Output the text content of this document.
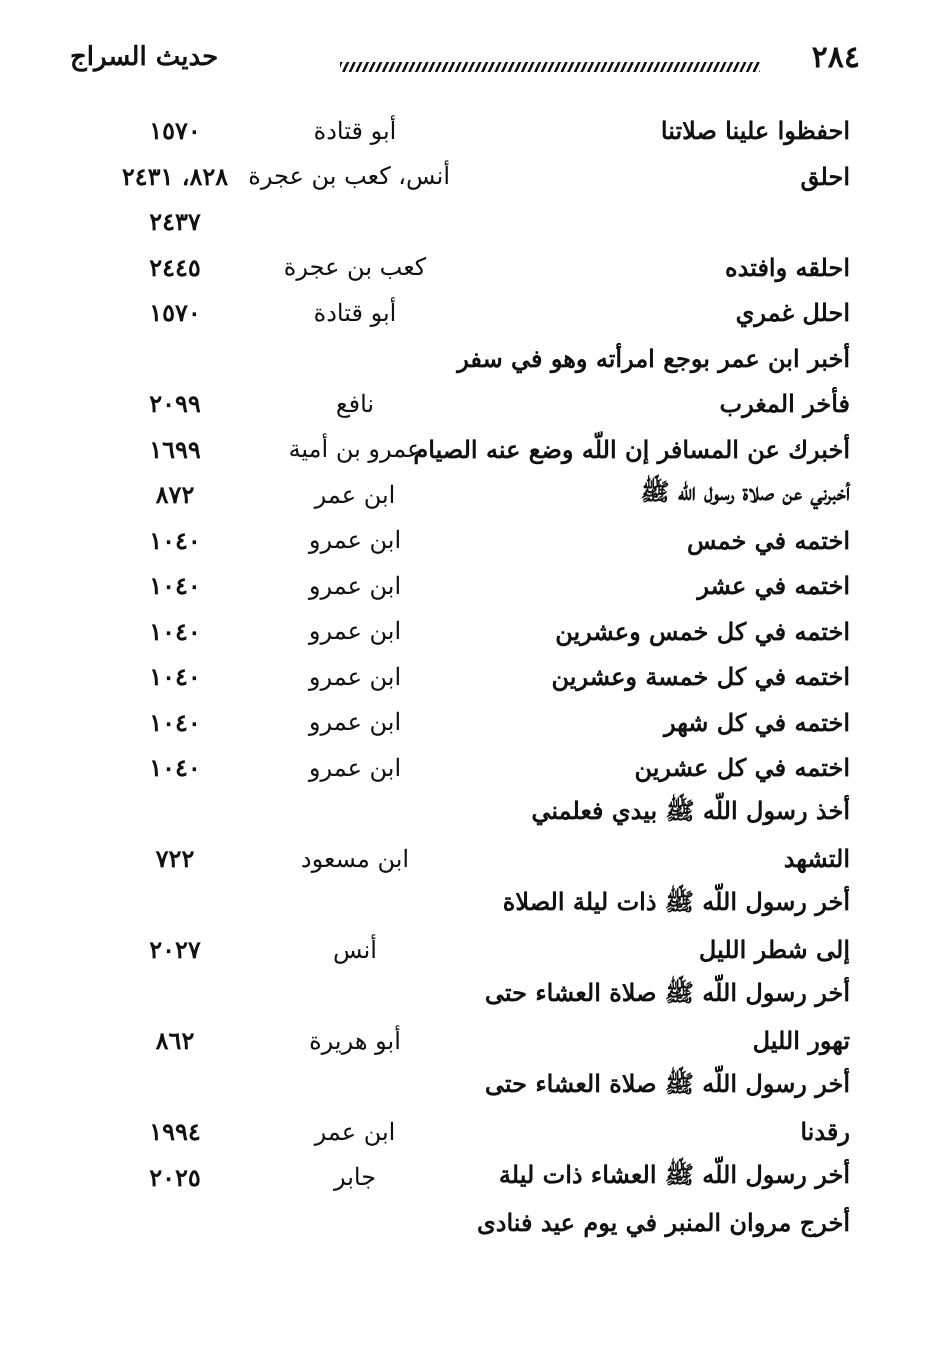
٢٨٤
حديث السراج
احفظوا علينا صلاتنا
أبو قتادة
١٥٧٠
احلق
أنس، كعب بن عجرة
٨٢٨، ٢٤٣١
٢٤٣٧
احلقه وافتده
كعب بن عجرة
٢٤٤٥
احلل غمري
أبو قتادة
١٥٧٠
أخبر ابن عمر بوجع امرأته وهو في سفر
فأخر المغرب
نافع
٢٠٩٩
أخبرك عن المسافر إن اللّه وضع عنه الصيام
عمرو بن أمية
١٦٩٩
أخبرني عن صلاة رسول اللّه ﷺ
ابن عمر
٨٧٢
اختمه في خمس
ابن عمرو
١٠٤٠
اختمه في عشر
ابن عمرو
١٠٤٠
اختمه في كل خمس وعشرين
ابن عمرو
١٠٤٠
اختمه في كل خمسة وعشرين
ابن عمرو
١٠٤٠
اختمه في كل شهر
ابن عمرو
١٠٤٠
اختمه في كل عشرين
ابن عمرو
١٠٤٠
أخذ رسول اللّه ﷺ بيدي فعلمني
التشهد
ابن مسعود
٧٢٢
أخر رسول اللّه ﷺ ذات ليلة الصلاة
إلى شطر الليل
أنس
٢٠٢٧
أخر رسول اللّه ﷺ صلاة العشاء حتى
تهور الليل
أبو هريرة
٨٦٢
أخر رسول اللّه ﷺ صلاة العشاء حتى
رقدنا
ابن عمر
١٩٩٤
أخر رسول اللّه ﷺ العشاء ذات ليلة
جابر
٢٠٢٥
أخرج مروان المنبر في يوم عيد فنادى
